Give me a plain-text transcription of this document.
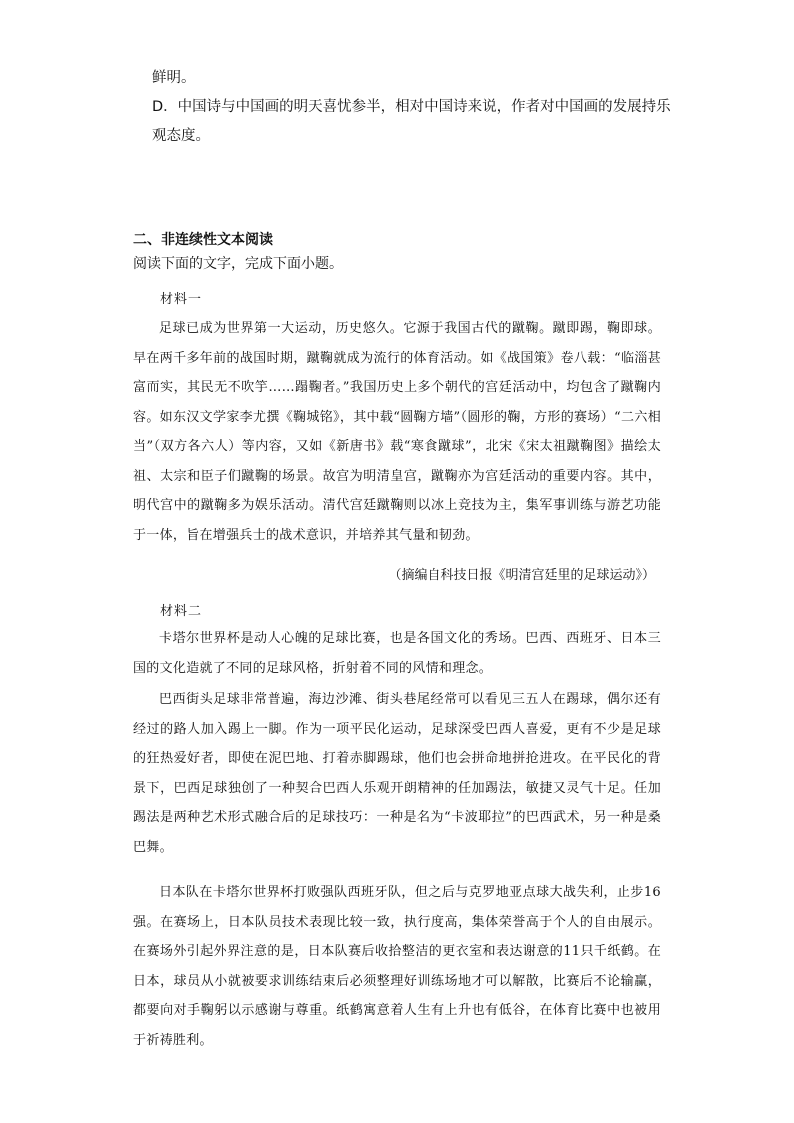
鲜明。
D．中国诗与中国画的明天喜忧参半，相对中国诗来说，作者对中国画的发展持乐观态度。
二、非连续性文本阅读
阅读下面的文字，完成下面小题。
材料一
足球已成为世界第一大运动，历史悠久。它源于我国古代的蹴鞠。蹴即踢，鞠即球。早在两千多年前的战国时期，蹴鞠就成为流行的体育活动。如《战国策》卷八载：“临淄甚富而实，其民无不吹竽……蹋鞠者。”我国历史上多个朝代的宫廷活动中，均包含了蹴鞠内容。如东汉文学家李尤撰《鞠城铭》，其中载“圆鞠方墙”（圆形的鞠，方形的赛场）“二六相当”（双方各六人）等内容，又如《新唐书》载“寒食蹴球”，北宋《宋太祖蹴鞠图》描绘太祖、太宗和臣子们蹴鞠的场景。故宫为明清皇宫，蹴鞠亦为宫廷活动的重要内容。其中，明代宫中的蹴鞠多为娱乐活动。清代宫廷蹴鞠则以冰上竞技为主，集军事训练与游艺功能于一体，旨在增强兵士的战术意识，并培养其气量和韧劲。
（摘编自科技日报《明清宫廷里的足球运动》）
材料二
卡塔尔世界杯是动人心魄的足球比赛，也是各国文化的秀场。巴西、西班牙、日本三国的文化造就了不同的足球风格，折射着不同的风情和理念。
巴西街头足球非常普遍，海边沙滩、街头巷尾经常可以看见三五人在踢球，偶尔还有经过的路人加入踢上一脚。作为一项平民化运动，足球深受巴西人喜爱，更有不少是足球的狂热爱好者，即使在泥巴地、打着赤脚踢球，他们也会拼命地拼抢进攻。在平民化的背景下，巴西足球独创了一种契合巴西人乐观开朗精神的任加踢法，敏捷又灵气十足。任加踢法是两种艺术形式融合后的足球技巧：一种是名为“卡波耶拉”的巴西武术，另一种是桑巴舞。
日本队在卡塔尔世界杯打败强队西班牙队，但之后与克罗地亚点球大战失利，止步16强。在赛场上，日本队员技术表现比较一致，执行度高，集体荣誉高于个人的自由展示。在赛场外引起外界注意的是，日本队赛后收拾整洁的更衣室和表达谢意的11只千纸鹤。在日本，球员从小就被要求训练结束后必须整理好训练场地才可以解散，比赛后不论输赢，都要向对手鞠躬以示感谢与尊重。纸鹤寓意着人生有上升也有低谷，在体育比赛中也被用于祈祷胜利。
